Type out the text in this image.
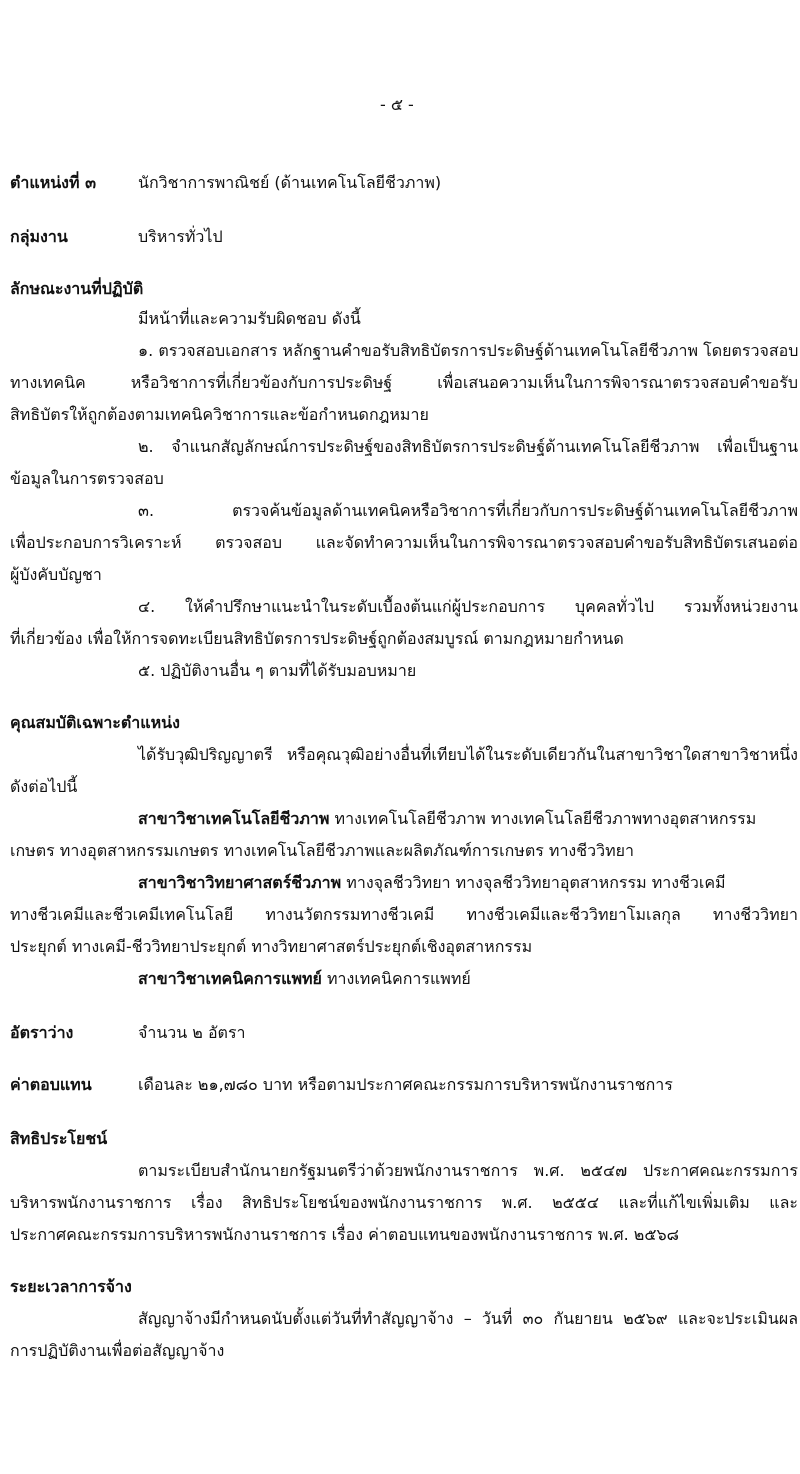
- ๕ -

ตำแหน่งที่ ๓	นักวิชาการพาณิชย์ (ด้านเทคโนโลยีชีวภาพ)

กลุ่มงาน	บริหารทั่วไป

ลักษณะงานที่ปฏิบัติ

มีหน้าที่และความรับผิดชอบ ดังนี้

๑. ตรวจสอบเอกสาร หลักฐานคำขอรับสิทธิบัตรการประดิษฐ์ด้านเทคโนโลยีชีวภาพ โดยตรวจสอบ

ทางเทคนิค หรือวิชาการที่เกี่ยวข้องกับการประดิษฐ์ เพื่อเสนอความเห็นในการพิจารณาตรวจสอบคำขอรับ

สิทธิบัตรให้ถูกต้องตามเทคนิควิชาการและข้อกำหนดกฎหมาย

๒. จำแนกสัญลักษณ์การประดิษฐ์ของสิทธิบัตรการประดิษฐ์ด้านเทคโนโลยีชีวภาพ เพื่อเป็นฐาน

ข้อมูลในการตรวจสอบ

๓. ตรวจค้นข้อมูลด้านเทคนิคหรือวิชาการที่เกี่ยวกับการประดิษฐ์ด้านเทคโนโลยีชีวภาพ

เพื่อประกอบการวิเคราะห์ ตรวจสอบ และจัดทำความเห็นในการพิจารณาตรวจสอบคำขอรับสิทธิบัตรเสนอต่อ

ผู้บังคับบัญชา

๔. ให้คำปรึกษาแนะนำในระดับเบื้องต้นแก่ผู้ประกอบการ บุคคลทั่วไป รวมทั้งหน่วยงาน

ที่เกี่ยวข้อง เพื่อให้การจดทะเบียนสิทธิบัตรการประดิษฐ์ถูกต้องสมบูรณ์ ตามกฎหมายกำหนด

๕. ปฏิบัติงานอื่น ๆ ตามที่ได้รับมอบหมาย

คุณสมบัติเฉพาะตำแหน่ง

ได้รับวุฒิปริญญาตรี หรือคุณวุฒิอย่างอื่นที่เทียบได้ในระดับเดียวกันในสาขาวิชาใดสาขาวิชาหนึ่ง

ดังต่อไปนี้

สาขาวิชาเทคโนโลยีชีวภาพ ทางเทคโนโลยีชีวภาพ ทางเทคโนโลยีชีวภาพทางอุตสาหกรรม

เกษตร ทางอุตสาหกรรมเกษตร ทางเทคโนโลยีชีวภาพและผลิตภัณฑ์การเกษตร ทางชีววิทยา

สาขาวิชาวิทยาศาสตร์ชีวภาพ ทางจุลชีววิทยา ทางจุลชีววิทยาอุตสาหกรรม ทางชีวเคมี

ทางชีวเคมีและชีวเคมีเทคโนโลยี ทางนวัตกรรมทางชีวเคมี ทางชีวเคมีและชีววิทยาโมเลกุล ทางชีววิทยา

ประยุกต์ ทางเคมี-ชีววิทยาประยุกต์ ทางวิทยาศาสตร์ประยุกต์เชิงอุตสาหกรรม

สาขาวิชาเทคนิคการแพทย์ ทางเทคนิคการแพทย์

อัตราว่าง	จำนวน ๒ อัตรา

ค่าตอบแทน	เดือนละ ๒๑,๗๘๐ บาท หรือตามประกาศคณะกรรมการบริหารพนักงานราชการ

สิทธิประโยชน์

ตามระเบียบสำนักนายกรัฐมนตรีว่าด้วยพนักงานราชการ พ.ศ. ๒๕๔๗ ประกาศคณะกรรมการ

บริหารพนักงานราชการ เรื่อง สิทธิประโยชน์ของพนักงานราชการ พ.ศ. ๒๕๕๔ และที่แก้ไขเพิ่มเติม และ

ประกาศคณะกรรมการบริหารพนักงานราชการ เรื่อง ค่าตอบแทนของพนักงานราชการ พ.ศ. ๒๕๖๘

ระยะเวลาการจ้าง

สัญญาจ้างมีกำหนดนับตั้งแต่วันที่ทำสัญญาจ้าง – วันที่ ๓๐ กันยายน ๒๕๖๙ และจะประเมินผล

การปฏิบัติงานเพื่อต่อสัญญาจ้าง
